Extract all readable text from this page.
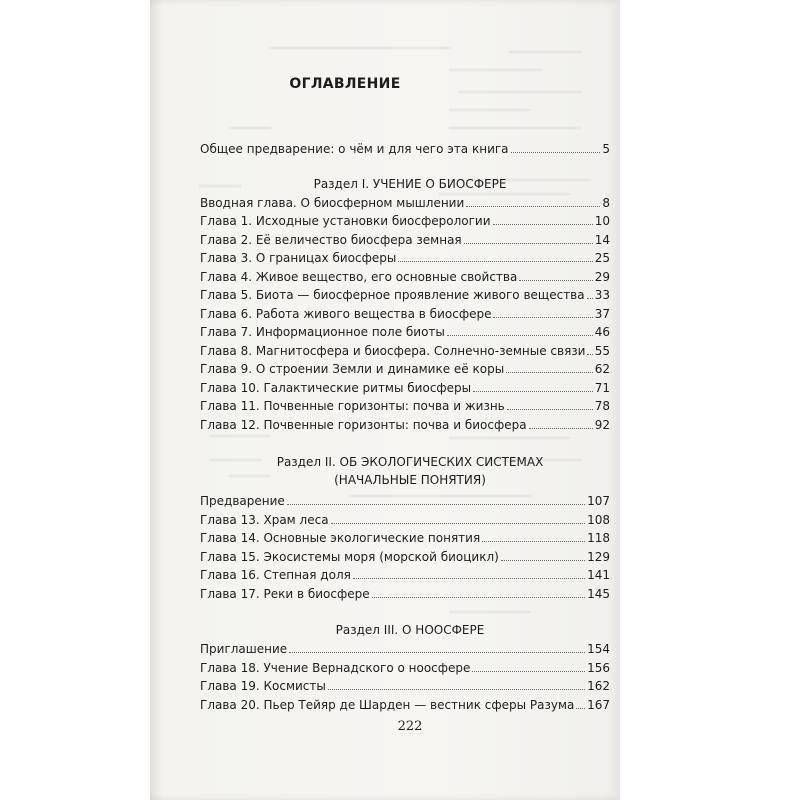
ОГЛАВЛЕНИЕ
Общее предварение: о чём и для чего эта книга	5
Раздел I. УЧЕНИЕ О БИОСФЕРЕ
Вводная глава. О биосферном мышлении	8
Глава 1. Исходные установки биосферологии	10
Глава 2. Её величество биосфера земная	14
Глава 3. О границах биосферы	25
Глава 4. Живое вещество, его основные свойства	29
Глава 5. Биота — биосферное проявление живого вещества 33
Глава 6. Работа живого вещества в биосфере	37
Глава 7. Информационное поле биоты	46
Глава 8. Магнитосфера и биосфера. Солнечно-земные связи 55
Глава 9. О строении Земли и динамике её коры	62
Глава 10. Галактические ритмы биосферы	71
Глава 11. Почвенные горизонты: почва и жизнь	78
Глава 12. Почвенные горизонты: почва и биосфера	92
Раздел II. ОБ ЭКОЛОГИЧЕСКИХ СИСТЕМАХ
(НАЧАЛЬНЫЕ ПОНЯТИЯ)
Предварение	107
Глава 13. Храм леса	108
Глава 14. Основные экологические понятия	118
Глава 15. Экосистемы моря (морской биоцикл)	129
Глава 16. Степная доля	141
Глава 17. Реки в биосфере	145
Раздел III. О НООСФЕРЕ
Приглашение	154
Глава 18. Учение Вернадского о ноосфере	156
Глава 19. Космисты	162
Глава 20. Пьер Тейяр де Шарден — вестник сферы Разума 167
222
